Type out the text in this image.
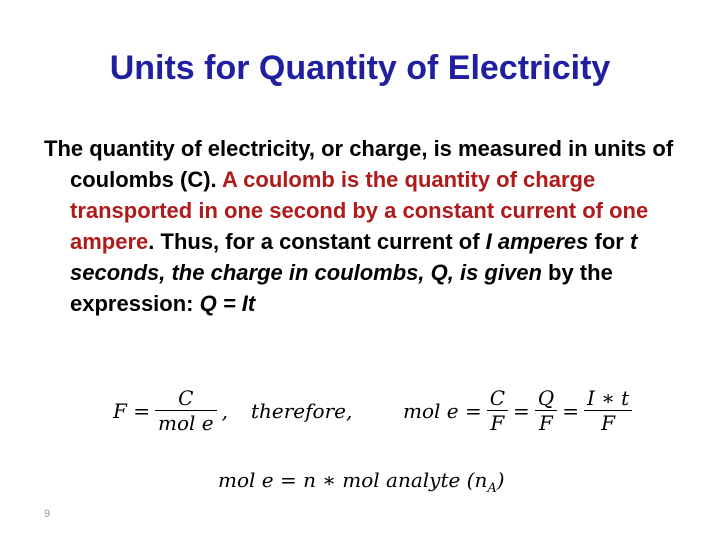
Units for Quantity of Electricity

The quantity of electricity, or charge, is measured in units of coulombs (C). A coulomb is the quantity of charge transported in one second by a constant current of one ampere. Thus, for a constant current of I amperes for t seconds, the charge in coulombs, Q, is given by the expression: Q = It

$F = \frac{C}{\text{mol e}}$ , therefore,	mol $e = \frac{C}{F} = \frac{Q}{F} = \frac{I ∗ t}{F}$
mol e = n ∗ mol analyte $(n_A)$
9
